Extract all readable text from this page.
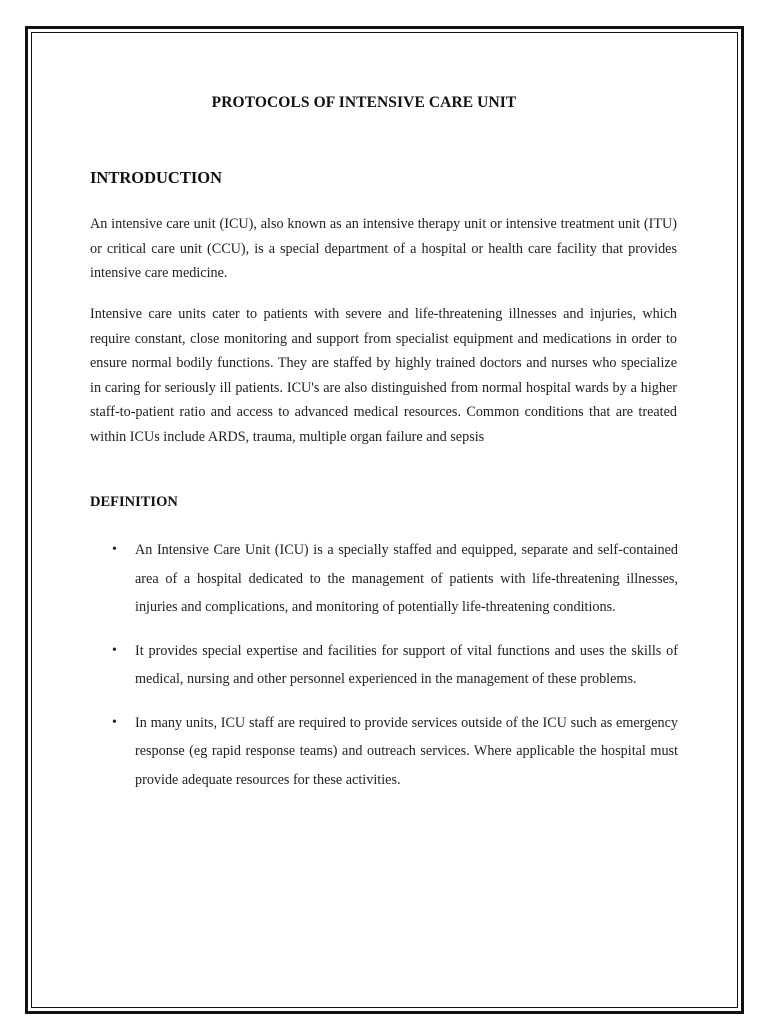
PROTOCOLS OF INTENSIVE CARE UNIT
INTRODUCTION

An intensive care unit (ICU), also known as an intensive therapy unit or intensive treatment unit (ITU) or critical care unit (CCU), is a special department of a hospital or health care facility that provides intensive care medicine.

Intensive care units cater to patients with severe and life-threatening illnesses and injuries, which require constant, close monitoring and support from specialist equipment and medications in order to ensure normal bodily functions. They are staffed by highly trained doctors and nurses who specialize in caring for seriously ill patients. ICU's are also distinguished from normal hospital wards by a higher staff-to-patient ratio and access to advanced medical resources. Common conditions that are treated within ICUs include ARDS, trauma, multiple organ failure and sepsis

DEFINITION
• An Intensive Care Unit (ICU) is a specially staffed and equipped, separate and self-contained area of a hospital dedicated to the management of patients with life-threatening illnesses, injuries and complications, and monitoring of potentially life-threatening conditions.
• It provides special expertise and facilities for support of vital functions and uses the skills of medical, nursing and other personnel experienced in the management of these problems.
• In many units, ICU staff are required to provide services outside of the ICU such as emergency response (eg rapid response teams) and outreach services. Where applicable the hospital must provide adequate resources for these activities.
